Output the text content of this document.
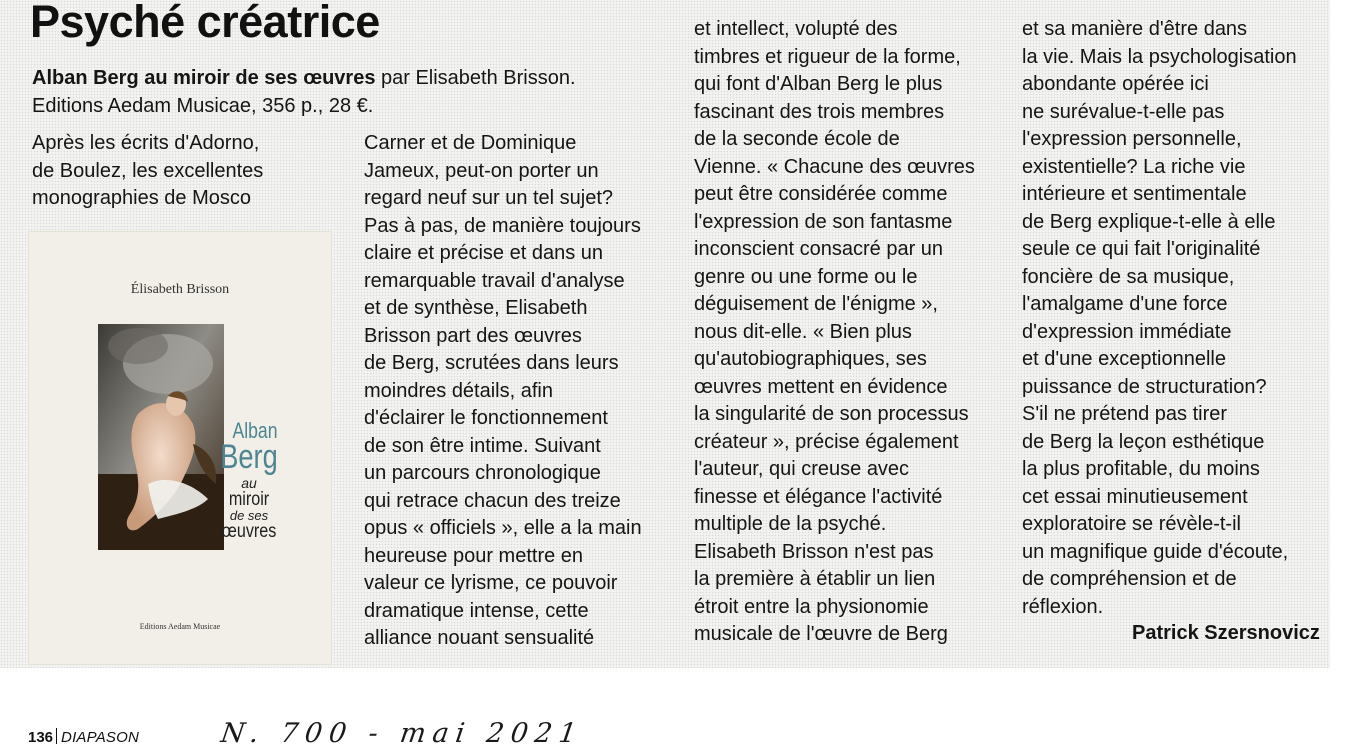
Psyché créatrice
Alban Berg au miroir de ses œuvres par Elisabeth Brisson.
Editions Aedam Musicae, 356 p., 28 €.
Après les écrits d'Adorno,
de Boulez, les excellentes
monographies de Mosco
Carner et de Dominique
Jameux, peut-on porter un
regard neuf sur un tel sujet?
Pas à pas, de manière toujours
claire et précise et dans un
remarquable travail d'analyse
et de synthèse, Elisabeth
Brisson part des œuvres
de Berg, scrutées dans leurs
moindres détails, afin
d'éclairer le fonctionnement
de son être intime. Suivant
un parcours chronologique
qui retrace chacun des treize
opus « officiels », elle a la main
heureuse pour mettre en
valeur ce lyrisme, ce pouvoir
dramatique intense, cette
alliance nouant sensualité
et intellect, volupté des
timbres et rigueur de la forme,
qui font d'Alban Berg le plus
fascinant des trois membres
de la seconde école de
Vienne. « Chacune des œuvres
peut être considérée comme
l'expression de son fantasme
inconscient consacré par un
genre ou une forme ou le
déguisement de l'énigme »,
nous dit-elle. « Bien plus
qu'autobiographiques, ses
œuvres mettent en évidence
la singularité de son processus
créateur », précise également
l'auteur, qui creuse avec
finesse et élégance l'activité
multiple de la psyché.
Elisabeth Brisson n'est pas
la première à établir un lien
étroit entre la physionomie
musicale de l'œuvre de Berg
et sa manière d'être dans
la vie. Mais la psychologisation
abondante opérée ici
ne surévalue-t-elle pas
l'expression personnelle,
existentielle? La riche vie
intérieure et sentimentale
de Berg explique-t-elle à elle
seule ce qui fait l'originalité
foncière de sa musique,
l'amalgame d'une force
d'expression immédiate
et d'une exceptionnelle
puissance de structuration?
S'il ne prétend pas tirer
de Berg la leçon esthétique
la plus profitable, du moins
cet essai minutieusement
exploratoire se révèle-t-il
un magnifique guide d'écoute,
de compréhension et de
réflexion.
Patrick Szersnovicz
Élisabeth Brisson
Alban
Berg
au
miroir
de ses
œuvres
Editions Aedam Musicae
136 DIAPASON	N. 700 - mai 2021
